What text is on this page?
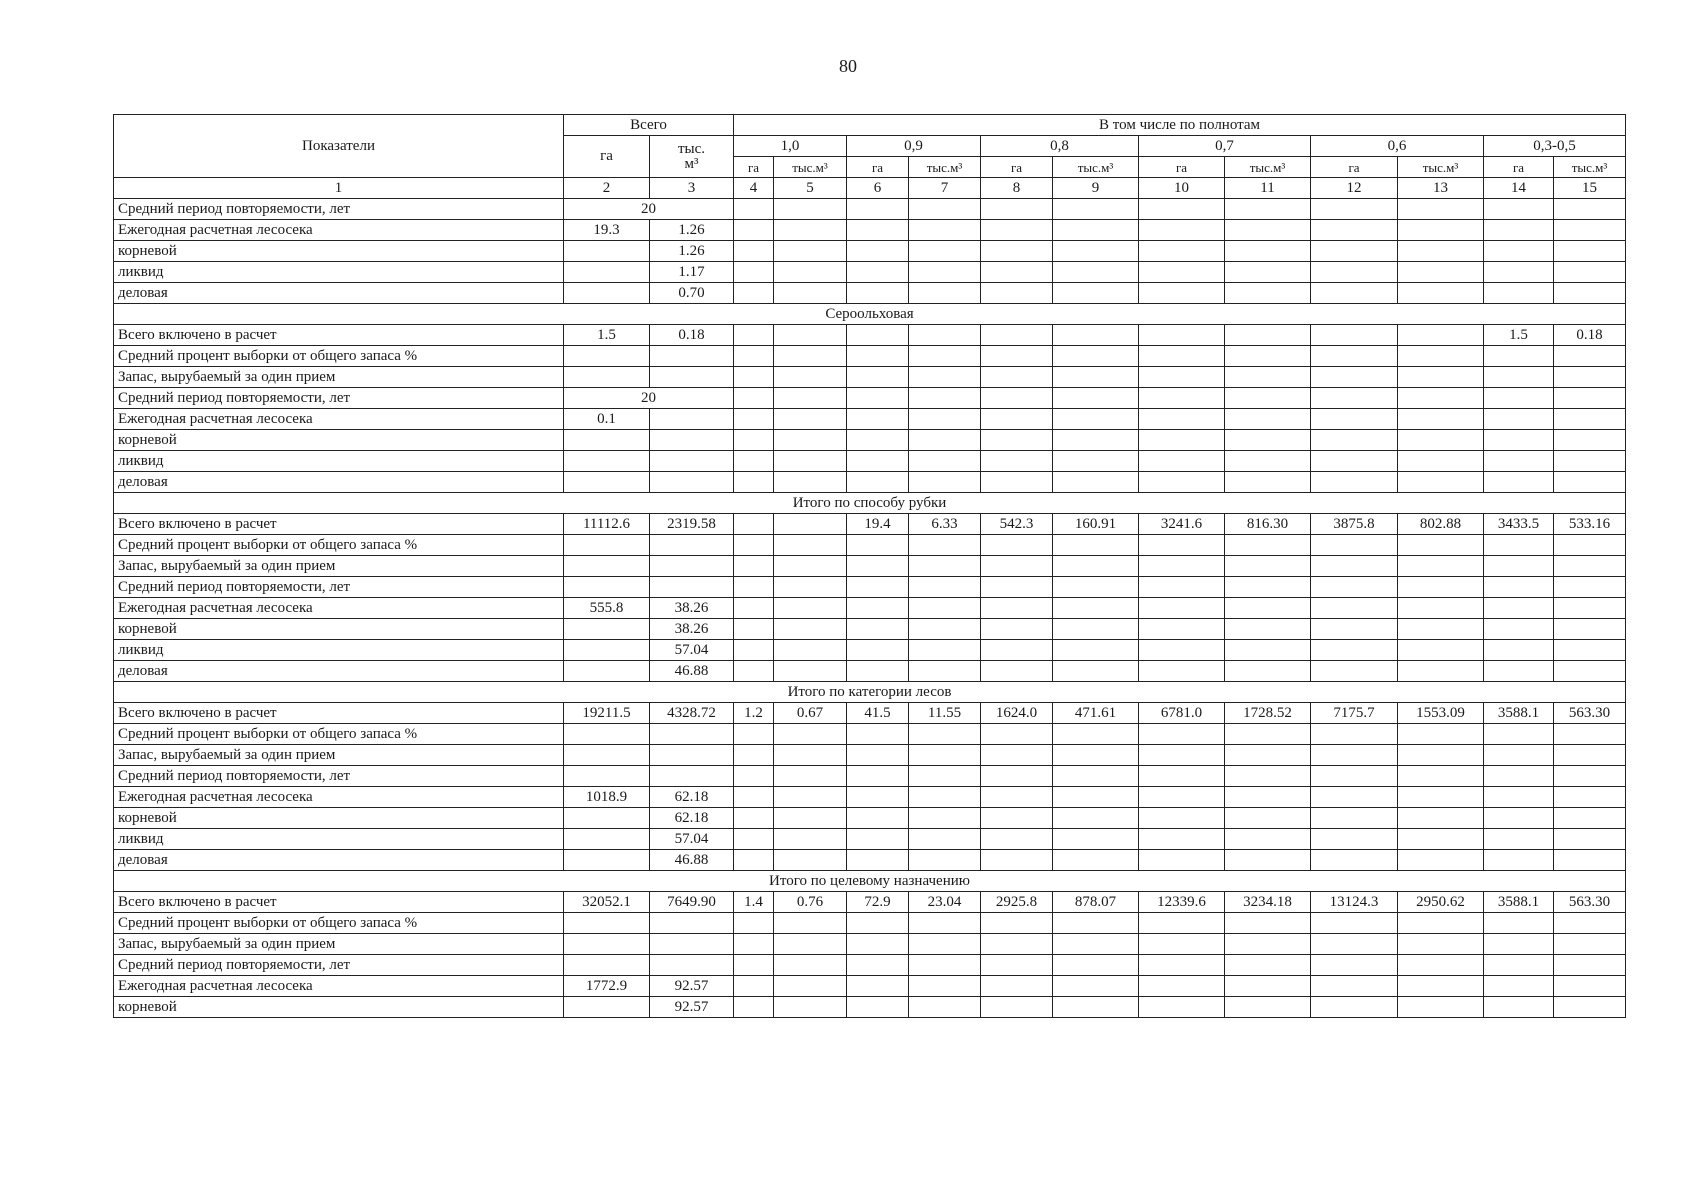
80
Показатели	Всего		В том числе по полнотам											
	га	тыс.
м³	1,0		0,9		0,8		0,7		0,6		0,3-0,5	
			га	тыс.м³	га	тыс.м³	га	тыс.м³	га	тыс.м³	га	тыс.м³	га	тыс.м³
1	2	3	4	5	6	7	8	9	10	11	12	13	14	15
Средний период повторяемости, лет	20													
Ежегодная расчетная лесосека	19.3	1.26												
корневой		1.26												
ликвид		1.17												
деловая		0.70												
Сероольховая														
Всего включено в расчет	1.5	0.18											1.5	0.18
Средний процент выборки от общего запаса %														
Запас, вырубаемый за один прием														
Средний период повторяемости, лет	20													
Ежегодная расчетная лесосека	0.1													
корневой														
ликвид														
деловая														
Итого по способу рубки														
Всего включено в расчет	11112.6	2319.58			19.4	6.33	542.3	160.91	3241.6	816.30	3875.8	802.88	3433.5	533.16
Средний процент выборки от общего запаса %														
Запас, вырубаемый за один прием														
Средний период повторяемости, лет														
Ежегодная расчетная лесосека	555.8	38.26												
корневой		38.26												
ликвид		57.04												
деловая		46.88												
Итого по категории лесов														
Всего включено в расчет	19211.5	4328.72	1.2	0.67	41.5	11.55	1624.0	471.61	6781.0	1728.52	7175.7	1553.09	3588.1	563.30
Средний процент выборки от общего запаса %														
Запас, вырубаемый за один прием														
Средний период повторяемости, лет														
Ежегодная расчетная лесосека	1018.9	62.18												
корневой		62.18												
ликвид		57.04												
деловая		46.88												
Итого по целевому назначению														
Всего включено в расчет	32052.1	7649.90	1.4	0.76	72.9	23.04	2925.8	878.07	12339.6	3234.18	13124.3	2950.62	3588.1	563.30
Средний процент выборки от общего запаса %														
Запас, вырубаемый за один прием														
Средний период повторяемости, лет														
Ежегодная расчетная лесосека	1772.9	92.57												
корневой		92.57												
